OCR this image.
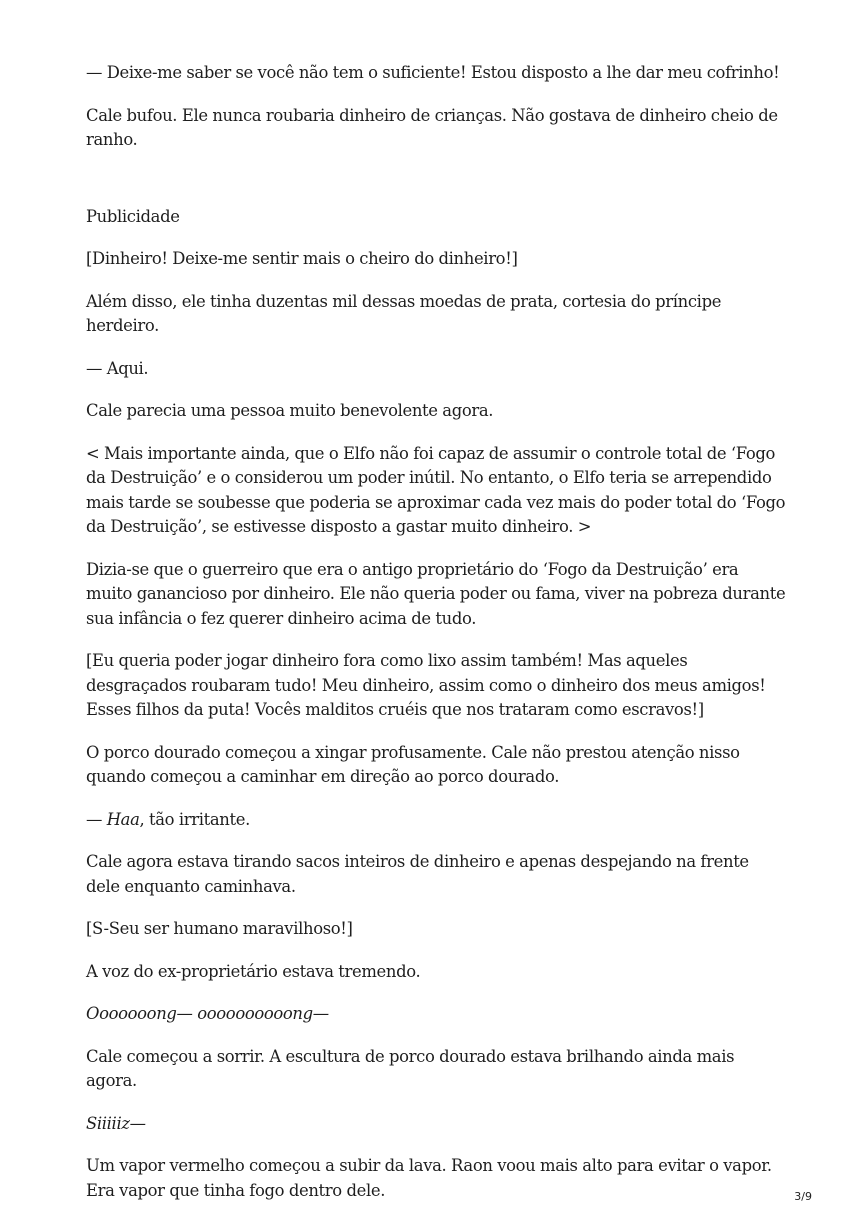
— Deixe-me saber se você não tem o suficiente! Estou disposto a lhe dar meu cofrinho!

Cale bufou. Ele nunca roubaria dinheiro de crianças. Não gostava de dinheiro cheio de ranho.

Publicidade

[Dinheiro! Deixe-me sentir mais o cheiro do dinheiro!]

Além disso, ele tinha duzentas mil dessas moedas de prata, cortesia do príncipe herdeiro.

— Aqui.

Cale parecia uma pessoa muito benevolente agora.

< Mais importante ainda, que o Elfo não foi capaz de assumir o controle total de ‘Fogo da Destruição’ e o considerou um poder inútil. No entanto, o Elfo teria se arrependido mais tarde se soubesse que poderia se aproximar cada vez mais do poder total do ‘Fogo da Destruição’, se estivesse disposto a gastar muito dinheiro. >

Dizia-se que o guerreiro que era o antigo proprietário do ‘Fogo da Destruição’ era muito ganancioso por dinheiro. Ele não queria poder ou fama, viver na pobreza durante sua infância o fez querer dinheiro acima de tudo.

[Eu queria poder jogar dinheiro fora como lixo assim também! Mas aqueles desgraçados roubaram tudo! Meu dinheiro, assim como o dinheiro dos meus amigos! Esses filhos da puta! Vocês malditos cruéis que nos trataram como escravos!]

O porco dourado começou a xingar profusamente. Cale não prestou atenção nisso quando começou a caminhar em direção ao porco dourado.

— Haa, tão irritante.

Cale agora estava tirando sacos inteiros de dinheiro e apenas despejando na frente dele enquanto caminhava.

[S-Seu ser humano maravilhoso!]

A voz do ex-proprietário estava tremendo.

Ooooooong— oooooooooong—

Cale começou a sorrir. A escultura de porco dourado estava brilhando ainda mais agora.

Siiiiiz—

Um vapor vermelho começou a subir da lava. Raon voou mais alto para evitar o vapor. Era vapor que tinha fogo dentro dele.	3/9
